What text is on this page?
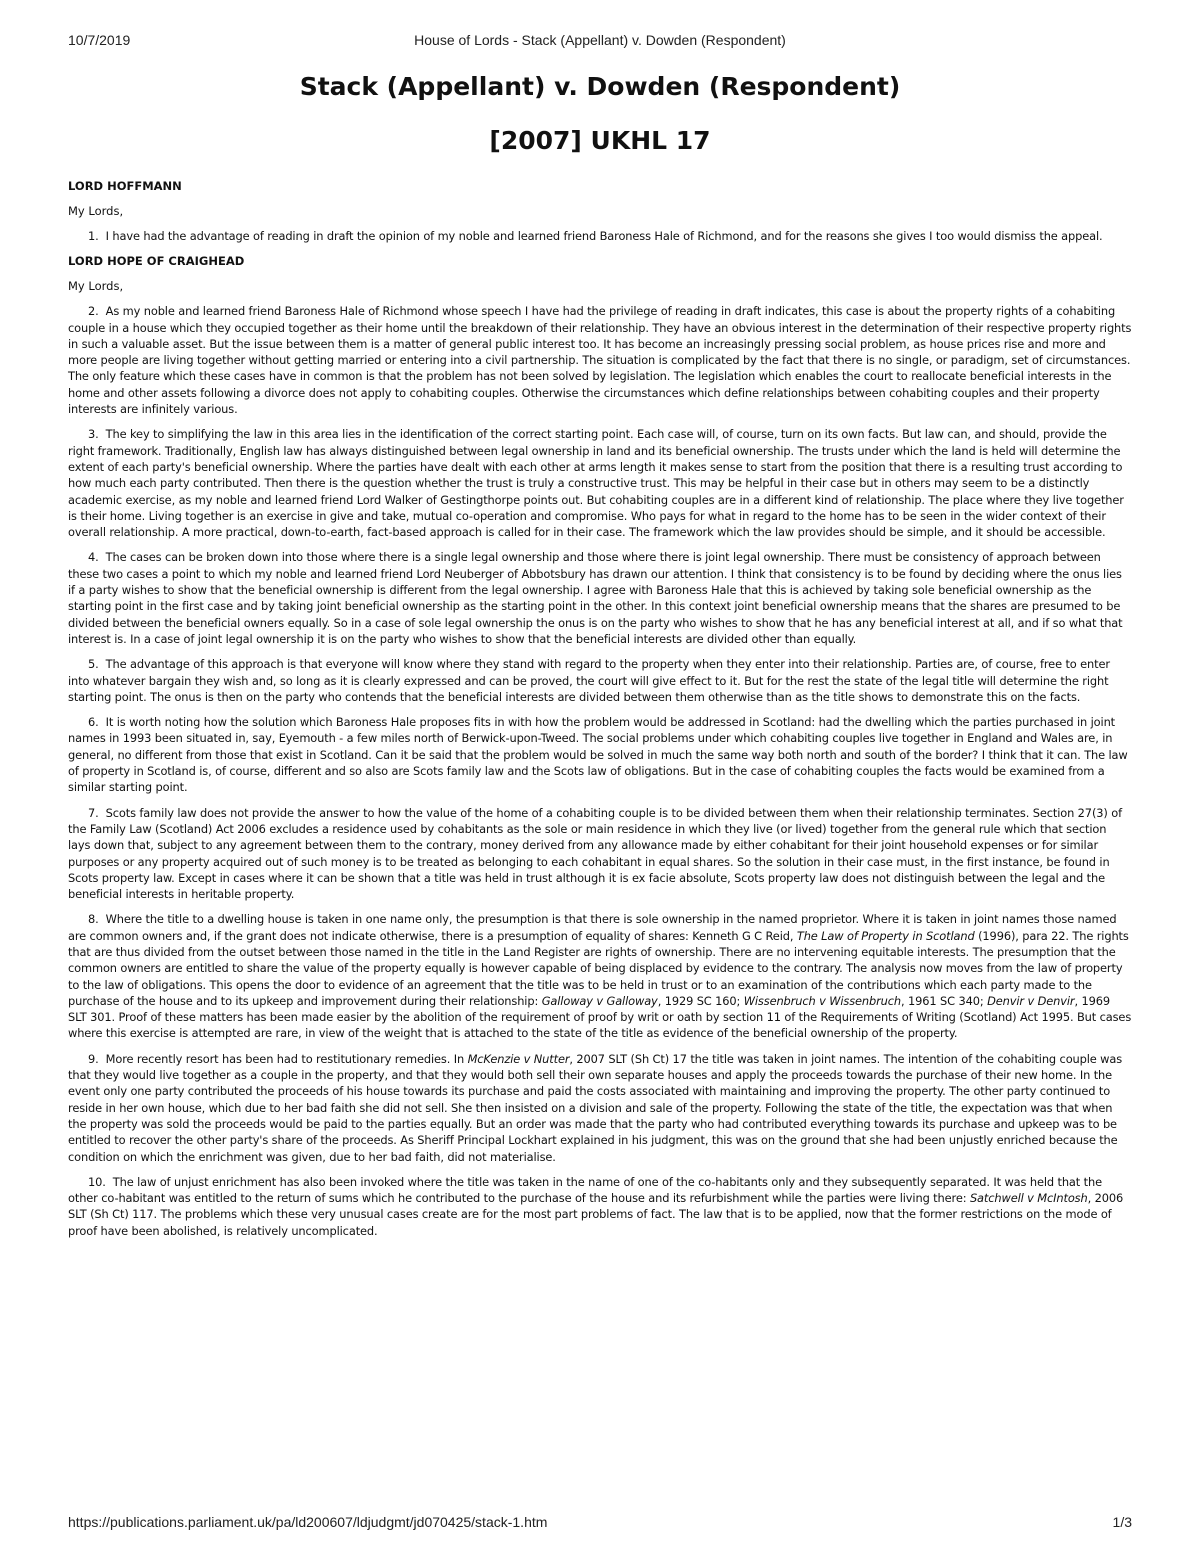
10/7/2019	House of Lords - Stack (Appellant) v. Dowden (Respondent)
Stack (Appellant) v. Dowden (Respondent)
[2007] UKHL 17
LORD HOFFMANN
My Lords,
1. I have had the advantage of reading in draft the opinion of my noble and learned friend Baroness Hale of Richmond, and for the reasons she gives I too would dismiss the appeal.
LORD HOPE OF CRAIGHEAD
My Lords,
2. As my noble and learned friend Baroness Hale of Richmond whose speech I have had the privilege of reading in draft indicates, this case is about the property rights of a cohabiting couple in a house which they occupied together as their home until the breakdown of their relationship. They have an obvious interest in the determination of their respective property rights in such a valuable asset. But the issue between them is a matter of general public interest too. It has become an increasingly pressing social problem, as house prices rise and more and more people are living together without getting married or entering into a civil partnership. The situation is complicated by the fact that there is no single, or paradigm, set of circumstances. The only feature which these cases have in common is that the problem has not been solved by legislation. The legislation which enables the court to reallocate beneficial interests in the home and other assets following a divorce does not apply to cohabiting couples. Otherwise the circumstances which define relationships between cohabiting couples and their property interests are infinitely various.
3. The key to simplifying the law in this area lies in the identification of the correct starting point. Each case will, of course, turn on its own facts. But law can, and should, provide the right framework. Traditionally, English law has always distinguished between legal ownership in land and its beneficial ownership. The trusts under which the land is held will determine the extent of each party's beneficial ownership. Where the parties have dealt with each other at arms length it makes sense to start from the position that there is a resulting trust according to how much each party contributed. Then there is the question whether the trust is truly a constructive trust. This may be helpful in their case but in others may seem to be a distinctly academic exercise, as my noble and learned friend Lord Walker of Gestingthorpe points out. But cohabiting couples are in a different kind of relationship. The place where they live together is their home. Living together is an exercise in give and take, mutual co-operation and compromise. Who pays for what in regard to the home has to be seen in the wider context of their overall relationship. A more practical, down-to-earth, fact-based approach is called for in their case. The framework which the law provides should be simple, and it should be accessible.
4. The cases can be broken down into those where there is a single legal ownership and those where there is joint legal ownership. There must be consistency of approach between these two cases a point to which my noble and learned friend Lord Neuberger of Abbotsbury has drawn our attention. I think that consistency is to be found by deciding where the onus lies if a party wishes to show that the beneficial ownership is different from the legal ownership. I agree with Baroness Hale that this is achieved by taking sole beneficial ownership as the starting point in the first case and by taking joint beneficial ownership as the starting point in the other. In this context joint beneficial ownership means that the shares are presumed to be divided between the beneficial owners equally. So in a case of sole legal ownership the onus is on the party who wishes to show that he has any beneficial interest at all, and if so what that interest is. In a case of joint legal ownership it is on the party who wishes to show that the beneficial interests are divided other than equally.
5. The advantage of this approach is that everyone will know where they stand with regard to the property when they enter into their relationship. Parties are, of course, free to enter into whatever bargain they wish and, so long as it is clearly expressed and can be proved, the court will give effect to it. But for the rest the state of the legal title will determine the right starting point. The onus is then on the party who contends that the beneficial interests are divided between them otherwise than as the title shows to demonstrate this on the facts.
6. It is worth noting how the solution which Baroness Hale proposes fits in with how the problem would be addressed in Scotland: had the dwelling which the parties purchased in joint names in 1993 been situated in, say, Eyemouth - a few miles north of Berwick-upon-Tweed. The social problems under which cohabiting couples live together in England and Wales are, in general, no different from those that exist in Scotland. Can it be said that the problem would be solved in much the same way both north and south of the border? I think that it can. The law of property in Scotland is, of course, different and so also are Scots family law and the Scots law of obligations. But in the case of cohabiting couples the facts would be examined from a similar starting point.
7. Scots family law does not provide the answer to how the value of the home of a cohabiting couple is to be divided between them when their relationship terminates. Section 27(3) of the Family Law (Scotland) Act 2006 excludes a residence used by cohabitants as the sole or main residence in which they live (or lived) together from the general rule which that section lays down that, subject to any agreement between them to the contrary, money derived from any allowance made by either cohabitant for their joint household expenses or for similar purposes or any property acquired out of such money is to be treated as belonging to each cohabitant in equal shares. So the solution in their case must, in the first instance, be found in Scots property law. Except in cases where it can be shown that a title was held in trust although it is ex facie absolute, Scots property law does not distinguish between the legal and the beneficial interests in heritable property.
8. Where the title to a dwelling house is taken in one name only, the presumption is that there is sole ownership in the named proprietor. Where it is taken in joint names those named are common owners and, if the grant does not indicate otherwise, there is a presumption of equality of shares: Kenneth G C Reid, The Law of Property in Scotland (1996), para 22. The rights that are thus divided from the outset between those named in the title in the Land Register are rights of ownership. There are no intervening equitable interests. The presumption that the common owners are entitled to share the value of the property equally is however capable of being displaced by evidence to the contrary. The analysis now moves from the law of property to the law of obligations. This opens the door to evidence of an agreement that the title was to be held in trust or to an examination of the contributions which each party made to the purchase of the house and to its upkeep and improvement during their relationship: Galloway v Galloway, 1929 SC 160; Wissenbruch v Wissenbruch, 1961 SC 340; Denvir v Denvir, 1969 SLT 301. Proof of these matters has been made easier by the abolition of the requirement of proof by writ or oath by section 11 of the Requirements of Writing (Scotland) Act 1995. But cases where this exercise is attempted are rare, in view of the weight that is attached to the state of the title as evidence of the beneficial ownership of the property.
9. More recently resort has been had to restitutionary remedies. In McKenzie v Nutter, 2007 SLT (Sh Ct) 17 the title was taken in joint names. The intention of the cohabiting couple was that they would live together as a couple in the property, and that they would both sell their own separate houses and apply the proceeds towards the purchase of their new home. In the event only one party contributed the proceeds of his house towards its purchase and paid the costs associated with maintaining and improving the property. The other party continued to reside in her own house, which due to her bad faith she did not sell. She then insisted on a division and sale of the property. Following the state of the title, the expectation was that when the property was sold the proceeds would be paid to the parties equally. But an order was made that the party who had contributed everything towards its purchase and upkeep was to be entitled to recover the other party's share of the proceeds. As Sheriff Principal Lockhart explained in his judgment, this was on the ground that she had been unjustly enriched because the condition on which the enrichment was given, due to her bad faith, did not materialise.
10. The law of unjust enrichment has also been invoked where the title was taken in the name of one of the co-habitants only and they subsequently separated. It was held that the other co-habitant was entitled to the return of sums which he contributed to the purchase of the house and its refurbishment while the parties were living there: Satchwell v McIntosh, 2006 SLT (Sh Ct) 117. The problems which these very unusual cases create are for the most part problems of fact. The law that is to be applied, now that the former restrictions on the mode of proof have been abolished, is relatively uncomplicated.
https://publications.parliament.uk/pa/ld200607/ldjudgmt/jd070425/stack-1.htm	1/3
